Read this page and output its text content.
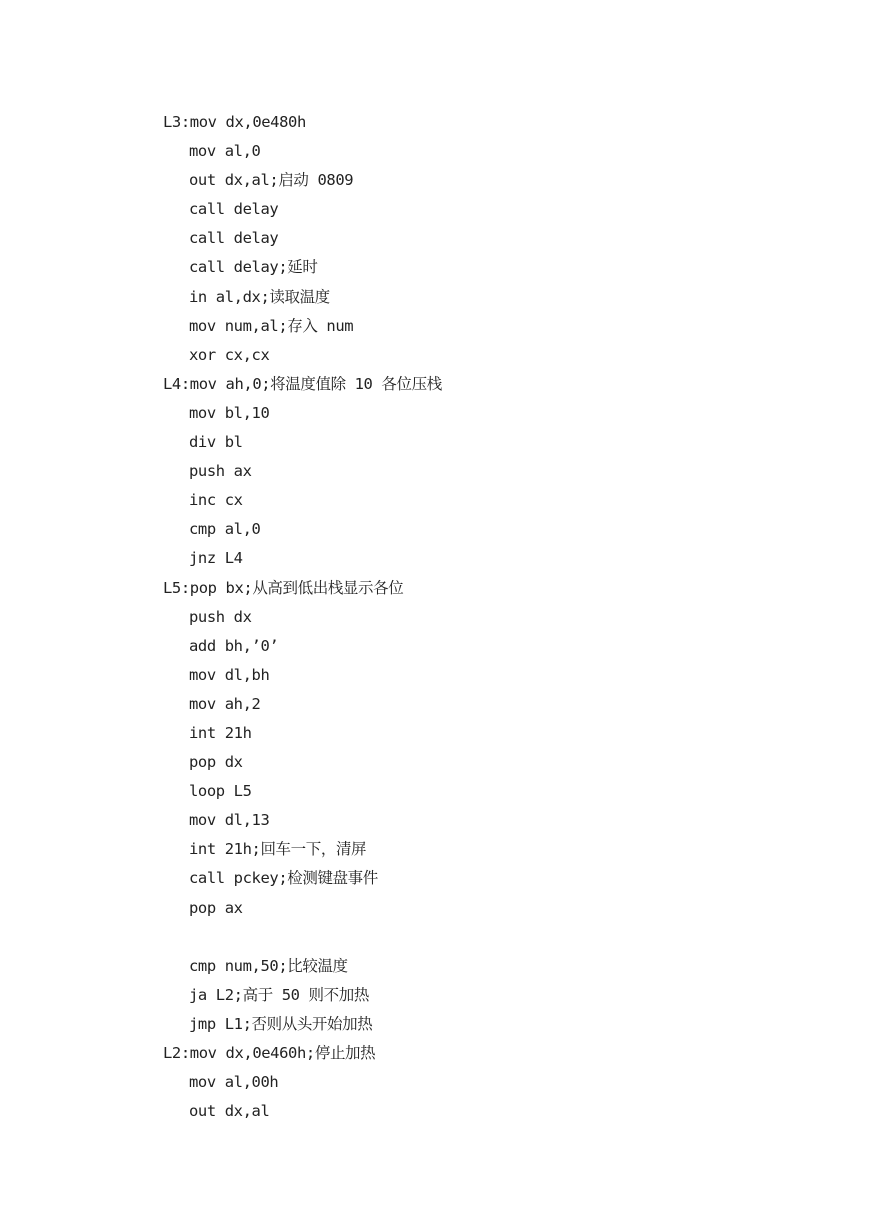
L3:mov dx,0e480h
mov al,0
out dx,al;启动 0809
call delay
call delay
call delay;延时
in al,dx;读取温度
mov num,al;存入 num
xor cx,cx
L4:mov ah,0;将温度值除 10 各位压栈
mov bl,10
div bl
push ax
inc cx
cmp al,0
jnz L4
L5:pop bx;从高到低出栈显示各位
push dx
add bh,’0’
mov dl,bh
mov ah,2
int 21h
pop dx
loop L5
mov dl,13
int 21h;回车一下，清屏
call pckey;检测键盘事件
pop ax
cmp num,50;比较温度
ja L2;高于 50 则不加热
jmp L1;否则从头开始加热
L2:mov dx,0e460h;停止加热
mov al,00h
out dx,al
